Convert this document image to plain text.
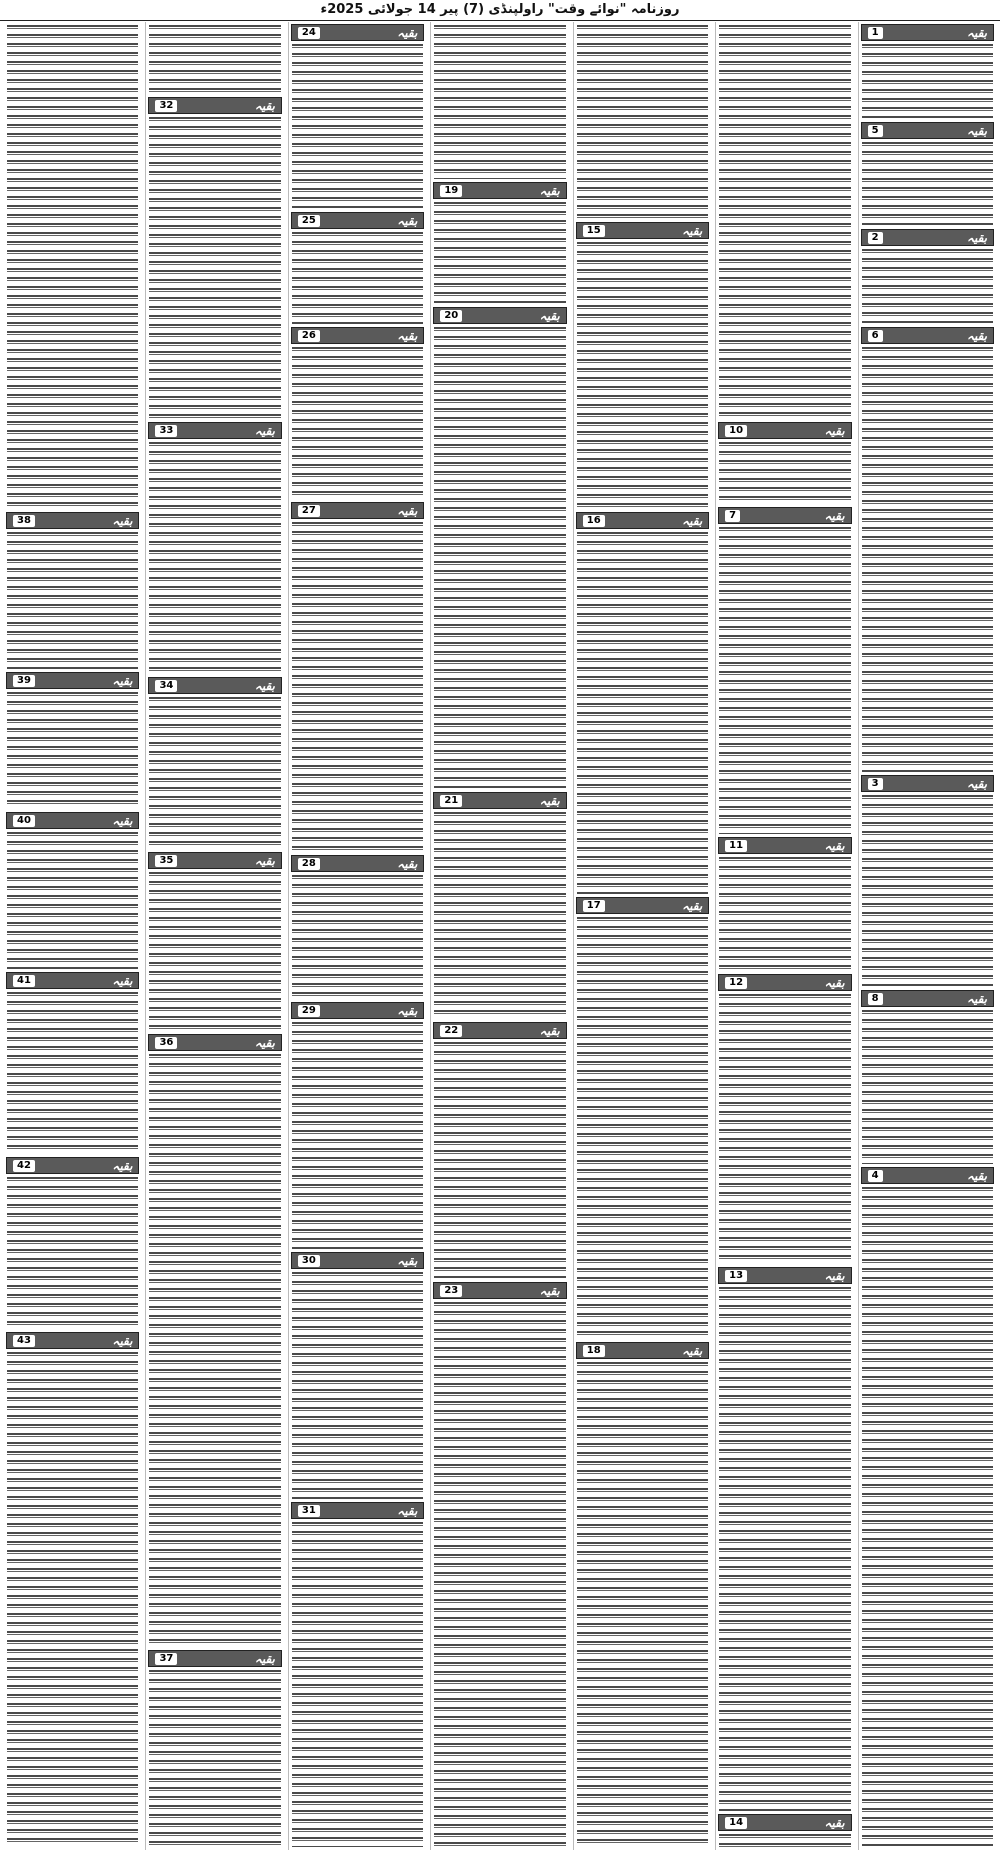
روزنامہ "نوائے وقت" راولپنڈی (7) پیر 14 جولائی 2025ء
بقیہ
1
بقیہ
5
بقیہ
2
بقیہ
6
بقیہ
3
بقیہ
8
بقیہ
4
بقیہ
10
بقیہ
7
بقیہ
11
بقیہ
12
بقیہ
13
بقیہ
14
بقیہ
15
بقیہ
16
بقیہ
17
بقیہ
18
بقیہ
19
بقیہ
20
بقیہ
21
بقیہ
22
بقیہ
23
بقیہ
24
بقیہ
25
بقیہ
26
بقیہ
27
بقیہ
28
بقیہ
29
بقیہ
30
بقیہ
31
بقیہ
32
بقیہ
33
بقیہ
34
بقیہ
35
بقیہ
36
بقیہ
37
بقیہ
38
بقیہ
39
بقیہ
40
بقیہ
41
بقیہ
42
بقیہ
43
